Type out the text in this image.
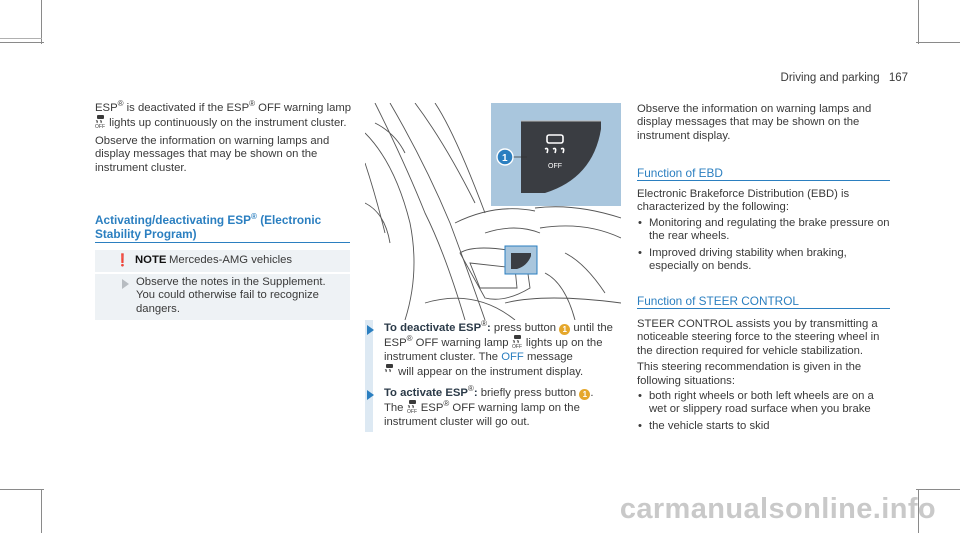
Driving and parking 167

ESP® is deactivated if the ESP® OFF warning lamp

OFF lights up continuously on the instrument cluster.

Observe the information on warning lamps and display messages that may be shown on the instrument cluster.

Activating/deactivating ESP® (Electronic Stability Program)
❗ NOTE Mercedes-AMG vehicles

Observe the notes in the Supplement. You could otherwise fail to recognize dangers.

OFF
1

To deactivate ESP®: press button 1 until the
ESP® OFF warning lamp OFF lights up on the instrument cluster. The OFF message
will appear on the instrument display.

To activate ESP®: briefly press button 1 .
The OFF ESP® OFF warning lamp on the instrument cluster will go out.

Observe the information on warning lamps and display messages that may be shown on the instrument display.

Function of EBD

Electronic Brakeforce Distribution (EBD) is characterized by the following:

• Monitoring and regulating the brake pressure on the rear wheels.
• Improved driving stability when braking, especially on bends.
Function of STEER CONTROL

STEER CONTROL assists you by transmitting a noticeable steering force to the steering wheel in the direction required for vehicle stabilization.

This steering recommendation is given in the following situations:

• both right wheels or both left wheels are on a wet or slippery road surface when you brake
• the vehicle starts to skid
carmanualsonline.info
